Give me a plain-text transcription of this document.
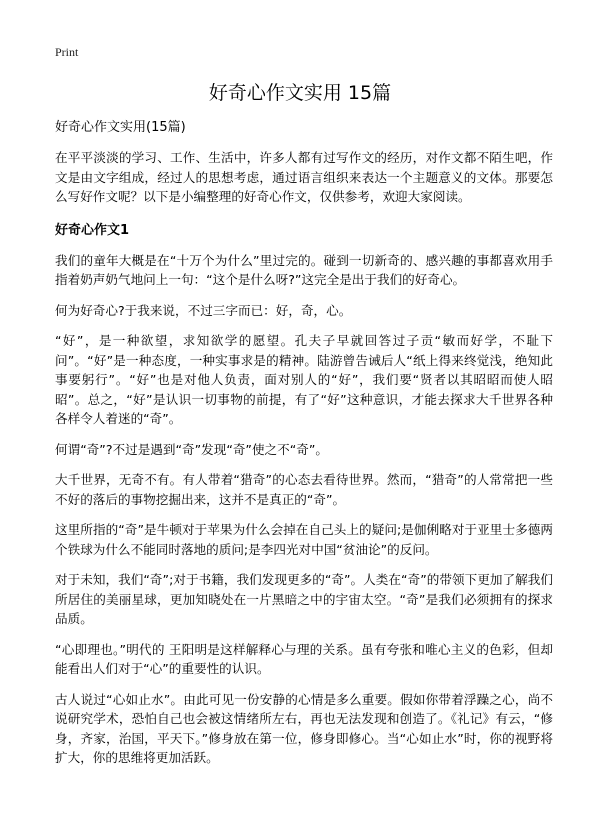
Print
好奇心作文实用 15篇

好奇心作文实用(15篇)

在平平淡淡的学习、工作、生活中，许多人都有过写作文的经历，对作文都不陌生吧，作文是由文字组成，经过人的思想考虑，通过语言组织来表达一个主题意义的文体。那要怎么写好作文呢？以下是小编整理的好奇心作文，仅供参考，欢迎大家阅读。

好奇心作文1

我们的童年大概是在“十万个为什么”里过完的。碰到一切新奇的、感兴趣的事都喜欢用手指着奶声奶气地问上一句：“这个是什么呀?”这完全是出于我们的好奇心。

何为好奇心?于我来说，不过三字而已：好，奇，心。

“好”，是一种欲望，求知欲学的愿望。孔夫子早就回答过子贡“敏而好学，不耻下问”。“好”是一种态度，一种实事求是的精神。陆游曾告诫后人“纸上得来终觉浅，绝知此事要躬行”。“好”也是对他人负责，面对别人的“好”，我们要“贤者以其昭昭而使人昭昭”。总之，“好”是认识一切事物的前提，有了“好”这种意识，才能去探求大千世界各种各样令人着迷的“奇”。

何谓“奇”?不过是遇到“奇”发现“奇”使之不“奇”。

大千世界，无奇不有。有人带着“猎奇”的心态去看待世界。然而，“猎奇”的人常常把一些不好的落后的事物挖掘出来，这并不是真正的“奇”。

这里所指的“奇”是牛顿对于苹果为什么会掉在自己头上的疑问;是伽俐略对于亚里士多德两个铁球为什么不能同时落地的质问;是李四光对中国“贫油论”的反问。

对于未知，我们“奇”;对于书籍，我们发现更多的“奇”。人类在“奇”的带领下更加了解我们所居住的美丽星球，更加知晓处在一片黑暗之中的宇宙太空。“奇”是我们必须拥有的探求品质。

“心即理也。”明代的 王阳明是这样解释心与理的关系。虽有夸张和唯心主义的色彩，但却能看出人们对于“心”的重要性的认识。

古人说过“心如止水”。由此可见一份安静的心情是多么重要。假如你带着浮躁之心，尚不说研究学术，恐怕自己也会被这情绪所左右，再也无法发现和创造了。《礼记》有云，“修身，齐家，治国，平天下。”修身放在第一位，修身即修心。当“心如止水”时，你的视野将扩大，你的思维将更加活跃。
